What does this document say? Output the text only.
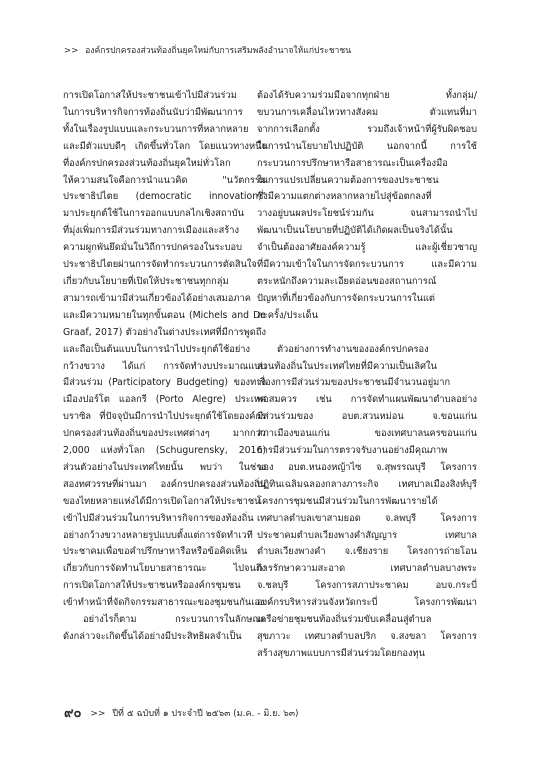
>> องค์กรปกครองส่วนท้องถิ่นยุคใหม่กับการเสริมพลังอำนาจให้แก่ประชาชน
การเปิดโอกาสให้ประชาชนเข้าไปมีส่วนร่วม
ในการบริหารกิจการท้องถิ่นนับว่ามีพัฒนาการ
ทั้งในเรื่องรูปแบบและกระบวนการที่หลากหลาย
และมีตัวแบบดีๆ เกิดขึ้นทั่วโลก โดยแนวทางหนึ่ง
ที่องค์กรปกครองส่วนท้องถิ่นยุคใหม่ทั่วโลก
ให้ความสนใจคือการนำแนวคิด "นวัตกรรม
ประชาธิปไตย (democratic innovation)"
มาประยุกต์ใช้ในการออกแบบกลไกเชิงสถาบัน
ที่มุ่งเพิ่มการมีส่วนร่วมทางการเมืองและสร้าง
ความผูกพันยึดมั่นในวิถีการปกครองในระบอบ
ประชาธิปไตยผ่านการจัดทำกระบวนการตัดสินใจ
เกี่ยวกับนโยบายที่เปิดให้ประชาชนทุกกลุ่ม
สามารถเข้ามามีส่วนเกี่ยวข้องได้อย่างเสมอภาค
และมีความหมายในทุกขั้นตอน (Michels and De
Graaf, 2017) ตัวอย่างในต่างประเทศที่มีการพูดถึง
และถือเป็นต้นแบบในการนำไปประยุกต์ใช้อย่าง
กว้างขวาง ได้แก่ การจัดทำงบประมาณแบบ
มีส่วนร่วม (Participatory Budgeting) ของทาง
เมืองปอร์โต แอลกรี (Porto Alegre) ประเทศ
บราซิล ที่ปัจจุบันมีการนำไปประยุกต์ใช้โดยองค์กร
ปกครองส่วนท้องถิ่นของประเทศต่างๆ มากกว่า
2,000 แห่งทั่วโลก (Schugurensky, 2016)
ส่วนตัวอย่างในประเทศไทยนั้น พบว่า ในช่วง
สองทศวรรษที่ผ่านมา องค์กรปกครองส่วนท้องถิ่น
ของไทยหลายแห่งได้มีการเปิดโอกาสให้ประชาชน
เข้าไปมีส่วนร่วมในการบริหารกิจการของท้องถิ่น
อย่างกว้างขวางหลายรูปแบบตั้งแต่การจัดทำเวที
ประชาคมเพื่อขอคำปรึกษาหารือหรือข้อคิดเห็น
เกี่ยวกับการจัดทำนโยบายสาธารณะ ไปจนถึง
การเปิดโอกาสให้ประชาชนหรือองค์กรชุมชน
เข้าทำหน้าที่จัดกิจกรรมสาธารณะของชุมชนกันเอง
อย่างไรก็ตาม กระบวนการในลักษณะ
ดังกล่าวจะเกิดขึ้นได้อย่างมีประสิทธิผลจำเป็น
ต้องได้รับความร่วมมือจากทุกฝ่าย ทั้งกลุ่ม/
ขบวนการเคลื่อนไหวทางสังคม ตัวแทนที่มา
จากการเลือกตั้ง รวมถึงเจ้าหน้าที่ผู้รับผิดชอบ
ในการนำนโยบายไปปฏิบัติ นอกจากนี้ การใช้
กระบวนการปรึกษาหารือสาธารณะเป็นเครื่องมือ
ในการแปรเปลี่ยนความต้องการของประชาชน
ซึ่งมีความแตกต่างหลากหลายไปสู่ข้อตกลงที่
วางอยู่บนผลประโยชน์ร่วมกัน จนสามารถนำไป
พัฒนาเป็นนโยบายที่ปฏิบัติได้เกิดผลเป็นจริงได้นั้น
จำเป็นต้องอาศัยองค์ความรู้ และผู้เชี่ยวชาญ
ที่มีความเข้าใจในการจัดกระบวนการ และมีความ
ตระหนักถึงความละเอียดอ่อนของสถานการณ์
ปัญหาที่เกี่ยวข้องกับการจัดกระบวนการในแต่
ละครั้ง/ประเด็น

ตัวอย่างการทำงานขององค์กรปกครอง
ส่วนท้องถิ่นในประเทศไทยที่มีความเป็นเลิศใน
เรื่องการมีส่วนร่วมของประชาชนมีจำนวนอยู่มาก
พอสมควร เช่น การจัดทำแผนพัฒนาตำบลอย่าง
มีส่วนร่วมของ อบต.สวนหม่อน จ.ขอนแก่น
สภาเมืองขอนแก่น ของเทศบาลนครขอนแก่น
การมีส่วนร่วมในการตรวจรับงานอย่างมีคุณภาพ
ของ อบต.หนองหญ้าไซ จ.สุพรรณบุรี โครงการ
ปฏิทินเฉลิมฉลองกลางภาระกิจ เทศบาลเมืองสิงห์บุรี
โครงการชุมชนมีส่วนร่วมในการพัฒนารายได้
เทศบาลตำบลเขาสามยอด จ.ลพบุรี โครงการ
ประชาคมตำบลเวียงพางคำสัญญาร เทศบาล
ตำบลเวียงพางคำ จ.เชียงราย โครงการถ่ายโอน
การรักษาความสะอาด เทศบาลตำบลบางพระ
จ.ชลบุรี โครงการสภาประชาคม อบจ.กระบี่
องค์กรบริหารส่วนจังหวัดกระบี่ โครงการพัฒนา
เครือข่ายชุมชนท้องถิ่นร่วมขับเคลื่อนสู่ตำบล
สุขภาวะ เทศบาลตำบลปริก จ.สงขลา โครงการ
สร้างสุขภาพแบบการมีส่วนร่วมโดยกองทุน
๙๐ >> ปีที่ ๕ ฉบับที่ ๑ ประจำปี ๒๕๖๓ (ม.ค. - มิ.ย. ๖๓)
